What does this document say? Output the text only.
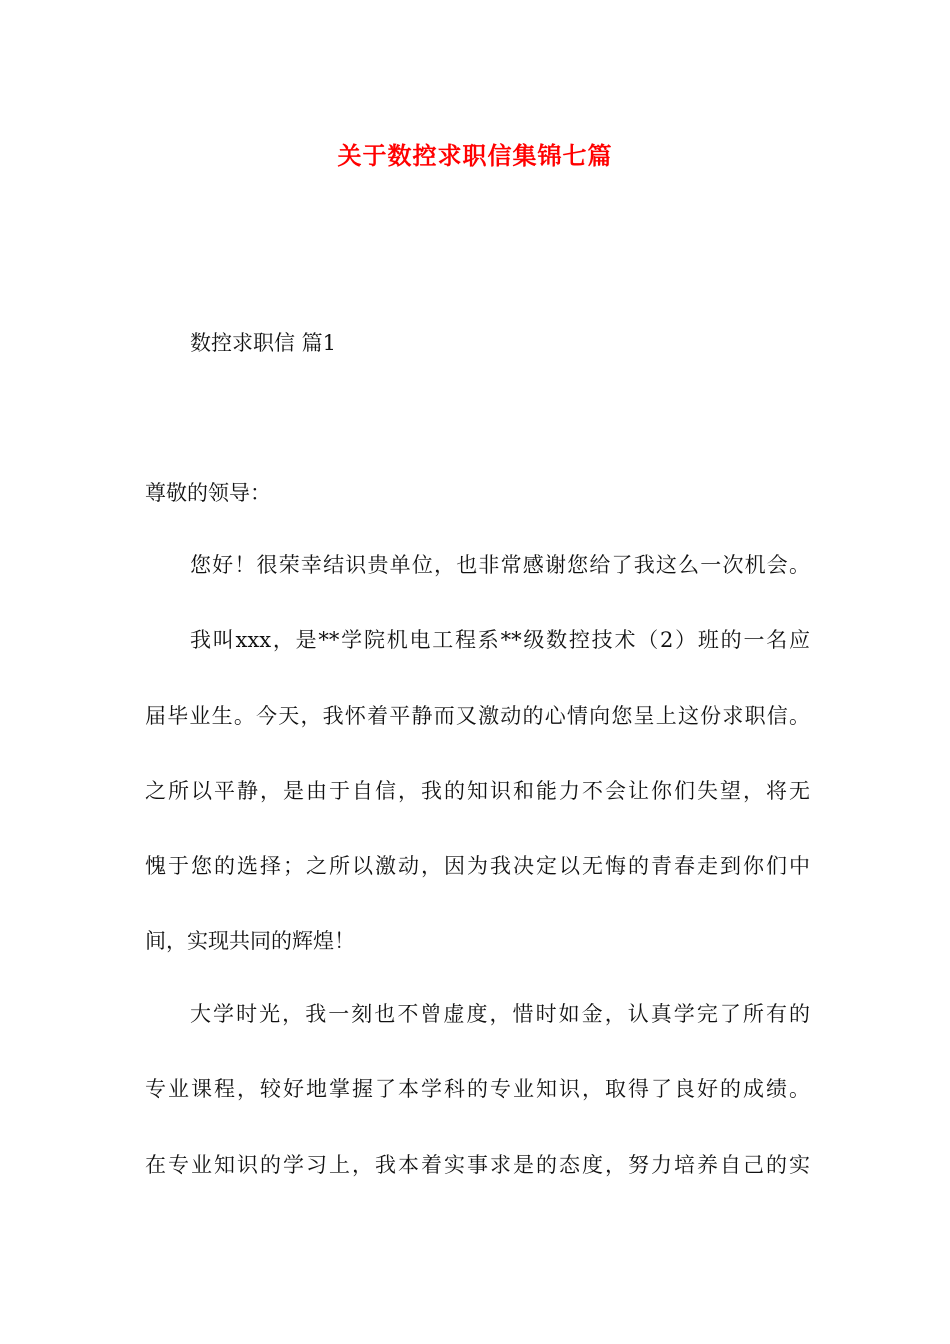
关于数控求职信集锦七篇
数控求职信 篇1
尊敬的领导：
您好！很荣幸结识贵单位，也非常感谢您给了我这么一次机会。
我叫xxx，是**学院机电工程系**级数控技术（2）班的一名应
届毕业生。今天，我怀着平静而又激动的心情向您呈上这份求职信。
之所以平静，是由于自信，我的知识和能力不会让你们失望，将无
愧于您的选择；之所以激动，因为我决定以无悔的青春走到你们中
间，实现共同的辉煌！
大学时光，我一刻也不曾虚度，惜时如金，认真学完了所有的
专业课程，较好地掌握了本学科的专业知识，取得了良好的成绩。
在专业知识的学习上，我本着实事求是的态度，努力培养自己的实
